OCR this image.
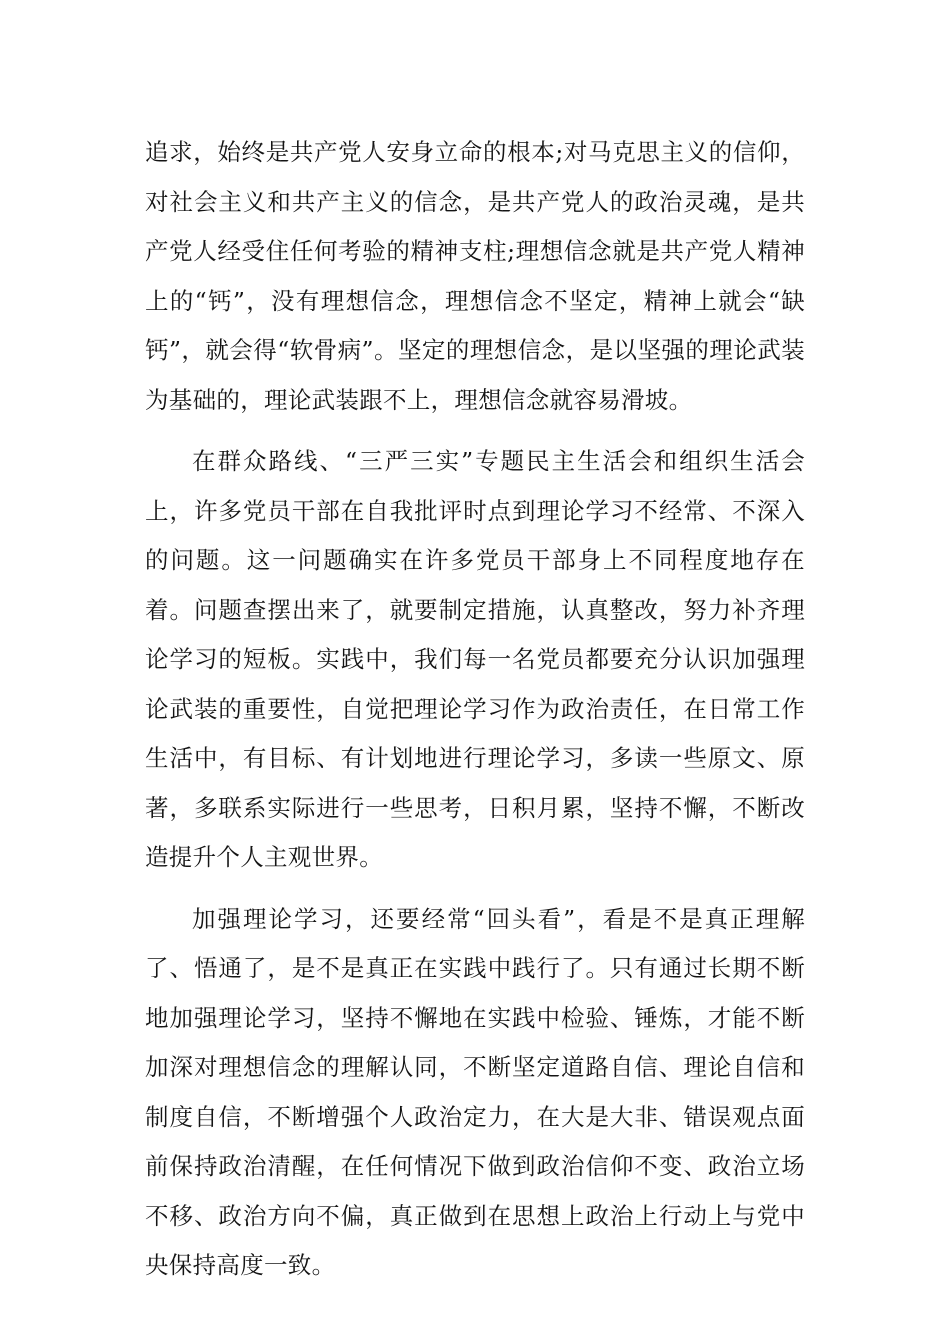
追求，始终是共产党人安身立命的根本;对马克思主义的信仰，对社会主义和共产主义的信念，是共产党人的政治灵魂，是共产党人经受住任何考验的精神支柱;理想信念就是共产党人精神上的“钙”，没有理想信念，理想信念不坚定，精神上就会“缺钙”，就会得“软骨病”。坚定的理想信念，是以坚强的理论武装为基础的，理论武装跟不上，理想信念就容易滑坡。

在群众路线、“三严三实”专题民主生活会和组织生活会上，许多党员干部在自我批评时点到理论学习不经常、不深入的问题。这一问题确实在许多党员干部身上不同程度地存在着。问题查摆出来了，就要制定措施，认真整改，努力补齐理论学习的短板。实践中，我们每一名党员都要充分认识加强理论武装的重要性，自觉把理论学习作为政治责任，在日常工作生活中，有目标、有计划地进行理论学习，多读一些原文、原著，多联系实际进行一些思考，日积月累，坚持不懈，不断改造提升个人主观世界。

加强理论学习，还要经常“回头看”，看是不是真正理解了、悟通了，是不是真正在实践中践行了。只有通过长期不断地加强理论学习，坚持不懈地在实践中检验、锤炼，才能不断加深对理想信念的理解认同，不断坚定道路自信、理论自信和制度自信，不断增强个人政治定力，在大是大非、错误观点面前保持政治清醒，在任何情况下做到政治信仰不变、政治立场不移、政治方向不偏，真正做到在思想上政治上行动上与党中央保持高度一致。
